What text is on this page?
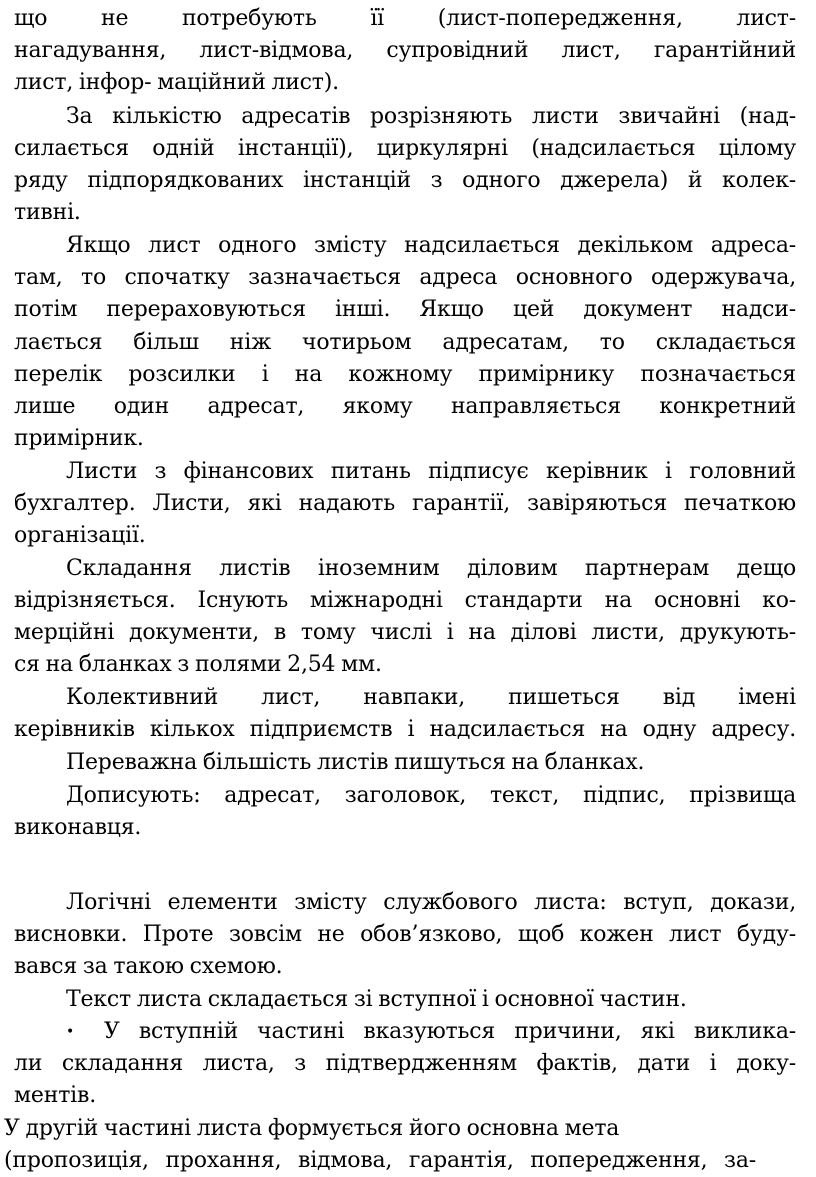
що не потребують її (лист-попередження, лист-
нагадування, лист-відмова, супровідний лист, гарантійний
лист, інфор- маційний лист).
За кількістю адресатів розрізняють листи звичайні (над-
силається одній інстанції), циркулярні (надсилається цілому
ряду підпорядкованих інстанцій з одного джерела) й колек-
тивні.
Якщо лист одного змісту надсилається декільком адреса-
там, то спочатку зазначається адреса основного одержувача,
потім перераховуються інші. Якщо цей документ надси-
лається більш ніж чотирьом адресатам, то складається
перелік розсилки і на кожному примірнику позначається
лише один адресат, якому направляється конкретний
примірник.
Листи з фінансових питань підписує керівник і головний
бухгалтер. Листи, які надають гарантії, завіряються печаткою
організації.
Складання листів іноземним діловим партнерам дещо
відрізняється. Існують міжнародні стандарти на основні ко-
мерційні документи, в тому числі і на ділові листи, друкують-
ся на бланках з полями 2,54 мм.
Колективний лист, навпаки, пишеться від імені
керівників кількох підприємств і надсилається на одну адресу.
Переважна більшість листів пишуться на бланках.
Дописують: адресат, заголовок, текст, підпис, прізвища
виконавця.
Логічні елементи змісту службового листа: вступ, докази,
висновки. Проте зовсім не обов’язково, щоб кожен лист буду-
вався за такою схемою.
Текст листа складається зі вступної і основної частин.
• У вступній частині вказуються причини, які виклика-
ли складання листа, з підтвердженням фактів, дати і доку-
ментів.
У другій частині листа формується його основна мета
(пропозиція, прохання, відмова, гарантія, попередження, за-
